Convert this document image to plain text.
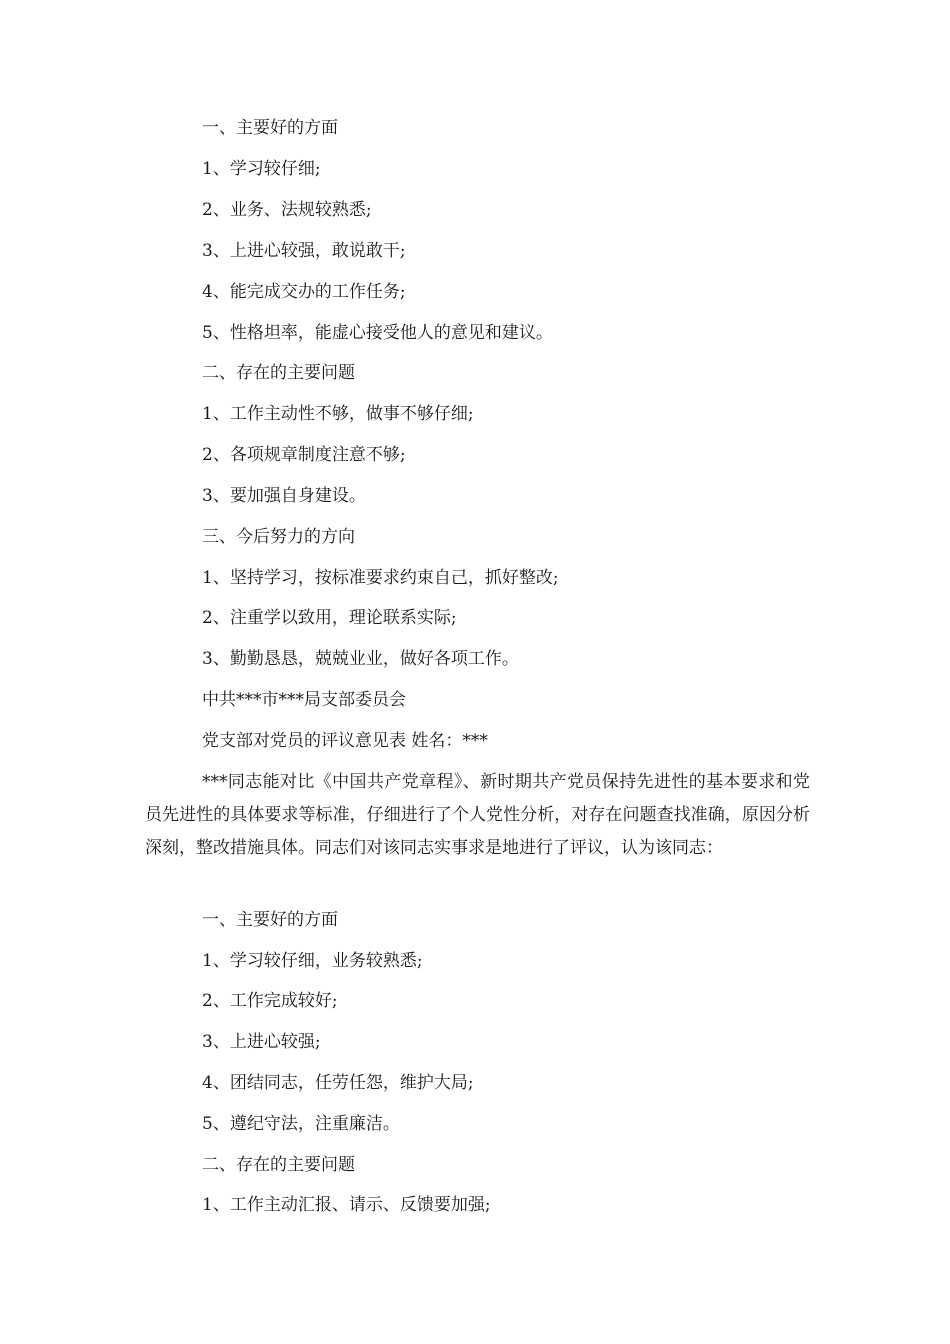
一、主要好的方面
1、学习较仔细;
2、业务、法规较熟悉;
3、上进心较强，敢说敢干;
4、能完成交办的工作任务;
5、性格坦率，能虚心接受他人的意见和建议。
二、存在的主要问题
1、工作主动性不够，做事不够仔细;
2、各项规章制度注意不够;
3、要加强自身建设。
三、今后努力的方向
1、坚持学习，按标准要求约束自己，抓好整改;
2、注重学以致用，理论联系实际;
3、勤勤恳恳，兢兢业业，做好各项工作。
中共***市***局支部委员会
党支部对党员的评议意见表 姓名：***
***同志能对比《中国共产党章程》、新时期共产党员保持先进性的基本要求和党员先进性的具体要求等标准，仔细进行了个人党性分析，对存在问题查找准确，原因分析深刻，整改措施具体。同志们对该同志实事求是地进行了评议，认为该同志：
一、主要好的方面
1、学习较仔细，业务较熟悉;
2、工作完成较好;
3、上进心较强;
4、团结同志，任劳任怨，维护大局;
5、遵纪守法，注重廉洁。
二、存在的主要问题
1、工作主动汇报、请示、反馈要加强;
